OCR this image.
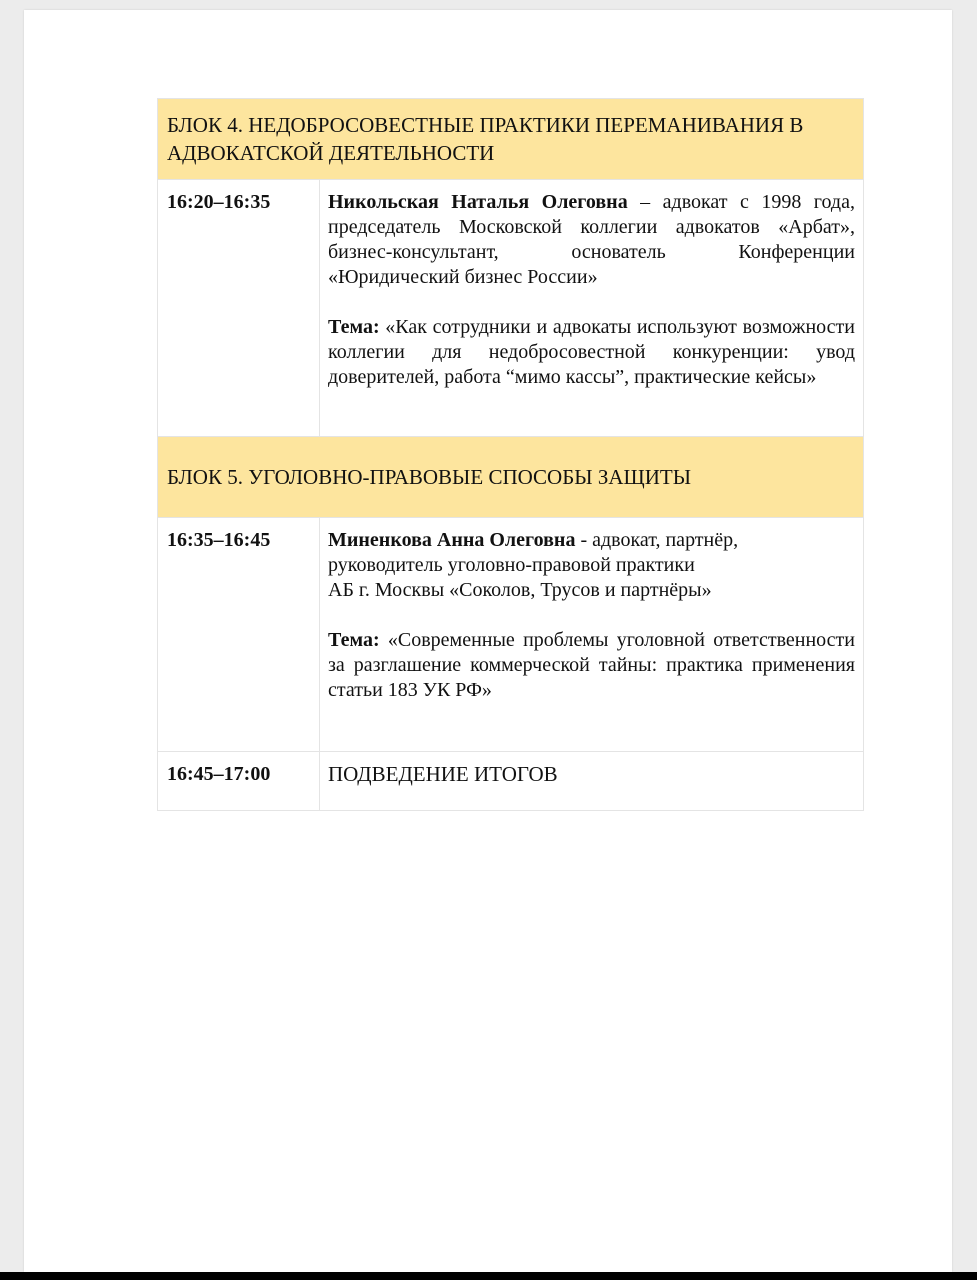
БЛОК 4. НЕДОБРОСОВЕСТНЫЕ ПРАКТИКИ ПЕРЕМАНИВАНИЯ В АДВОКАТСКОЙ ДЕЯТЕЛЬНОСТИ	
16:20–16:35	Никольская Наталья Олеговна – адвокат с 1998 года, председатель Московской коллегии адвокатов «Арбат», бизнес-консультант, основатель Конференции «Юридический бизнес России»

Тема: «Как сотрудники и адвокаты используют возможности коллегии для недобросовестной конкуренции: увод доверителей, работа “мимо кассы”, практические кейсы»

БЛОК 5. УГОЛОВНО-ПРАВОВЫЕ СПОСОБЫ ЗАЩИТЫ	
16:35–16:45	Миненкова Анна Олеговна - адвокат, партнёр,
руководитель уголовно-правовой практики
АБ г. Москвы «Соколов, Трусов и партнёры»

Тема: «Современные проблемы уголовной ответственности за разглашение коммерческой тайны: практика применения статьи 183 УК РФ»

16:45–17:00	ПОДВЕДЕНИЕ ИТОГОВ
